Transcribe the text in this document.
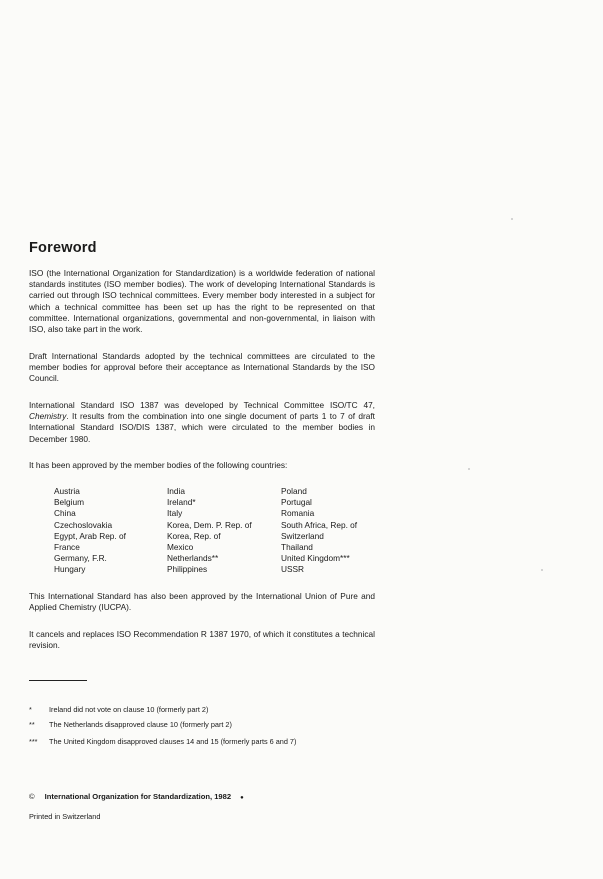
Foreword
ISO (the International Organization for Standardization) is a worldwide federation of national standards institutes (ISO member bodies). The work of developing International Standards is carried out through ISO technical committees. Every member body interested in a subject for which a technical committee has been set up has the right to be represented on that committee. International organizations, governmental and non-governmental, in liaison with ISO, also take part in the work.
Draft International Standards adopted by the technical committees are circulated to the member bodies for approval before their acceptance as International Standards by the ISO Council.
International Standard ISO 1387 was developed by Technical Committee ISO/TC 47, Chemistry. It results from the combination into one single document of parts 1 to 7 of draft International Standard ISO/DIS 1387, which were circulated to the member bodies in December 1980.
It has been approved by the member bodies of the following countries:
Austria
Belgium
China
Czechoslovakia
Egypt, Arab Rep. of
France
Germany, F.R.
Hungary
India
Ireland*
Italy
Korea, Dem. P. Rep. of
Korea, Rep. of
Mexico
Netherlands**
Philippines
Poland
Portugal
Romania
South Africa, Rep. of
Switzerland
Thailand
United Kingdom***
USSR
This International Standard has also been approved by the International Union of Pure and Applied Chemistry (IUCPA).
It cancels and replaces ISO Recommendation R 1387 1970, of which it constitutes a technical revision.
* Ireland did not vote on clause 10 (formerly part 2)
** The Netherlands disapproved clause 10 (formerly part 2)
*** The United Kingdom disapproved clauses 14 and 15 (formerly parts 6 and 7)
© International Organization for Standardization, 1982 ●
Printed in Switzerland
